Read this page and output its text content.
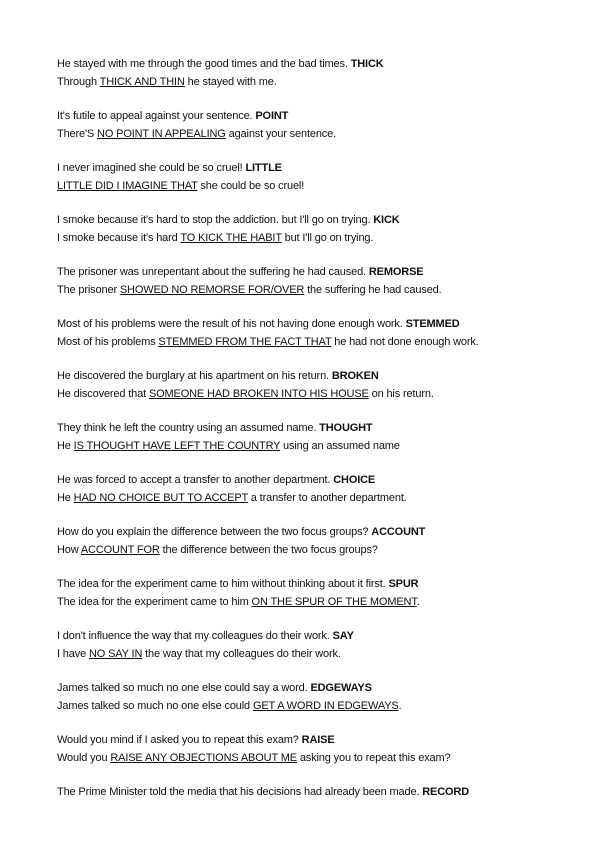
He stayed with me through the good times and the bad times. THICK
Through THICK AND THIN he stayed with me.
It's futile to appeal against your sentence. POINT
There'S NO POINT IN APPEALING against your sentence.
I never imagined she could be so cruel! LITTLE
LITTLE DID I IMAGINE THAT she could be so cruel!
I smoke because it's hard to stop the addiction. but I'll go on trying. KICK
I smoke because it's hard TO KICK THE HABIT but I'll go on trying.
The prisoner was unrepentant about the suffering he had caused. REMORSE
The prisoner SHOWED NO REMORSE FOR/OVER the suffering he had caused.
Most of his problems were the result of his not having done enough work. STEMMED
Most of his problems STEMMED FROM THE FACT THAT he had not done enough work.
He discovered the burglary at his apartment on his return. BROKEN
He discovered that SOMEONE HAD BROKEN INTO HIS HOUSE on his return.
They think he left the country using an assumed name. THOUGHT
He IS THOUGHT HAVE LEFT THE COUNTRY using an assumed name
He was forced to accept a transfer to another department. CHOICE
He HAD NO CHOICE BUT TO ACCEPT a transfer to another department.
How do you explain the difference between the two focus groups? ACCOUNT
How ACCOUNT FOR the difference between the two focus groups?
The idea for the experiment came to him without thinking about it first. SPUR
The idea for the experiment came to him ON THE SPUR OF THE MOMENT.
I don't influence the way that my colleagues do their work. SAY
I have NO SAY IN the way that my colleagues do their work.
James talked so much no one else could say a word. EDGEWAYS
James talked so much no one else could GET A WORD IN EDGEWAYS.
Would you mind if I asked you to repeat this exam? RAISE
Would you RAISE ANY OBJECTIONS ABOUT ME asking you to repeat this exam?
The Prime Minister told the media that his decisions had already been made. RECORD
